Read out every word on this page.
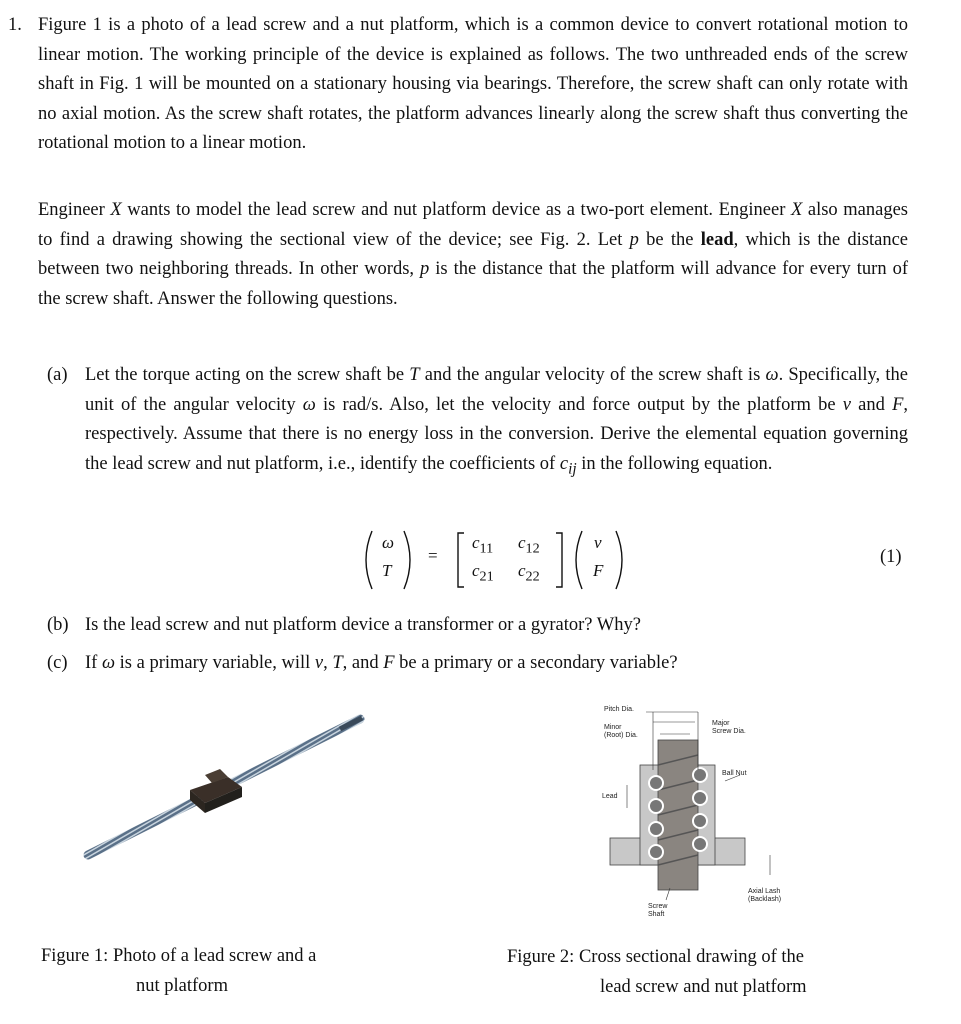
1. Figure 1 is a photo of a lead screw and a nut platform, which is a common device to convert rotational motion to linear motion. The working principle of the device is explained as follows. The two unthreaded ends of the screw shaft in Fig. 1 will be mounted on a stationary housing via bearings. Therefore, the screw shaft can only rotate with no axial motion. As the screw shaft rotates, the platform advances linearly along the screw shaft thus converting the rotational motion to a linear motion.
Engineer X wants to model the lead screw and nut platform device as a two-port element. Engineer X also manages to find a drawing showing the sectional view of the device; see Fig. 2. Let p be the lead, which is the distance between two neighboring threads. In other words, p is the distance that the platform will advance for every turn of the screw shaft. Answer the following questions.
(a) Let the torque acting on the screw shaft be T and the angular velocity of the screw shaft is ω. Specifically, the unit of the angular velocity ω is rad/s. Also, let the velocity and force output by the platform be v and F, respectively. Assume that there is no energy loss in the conversion. Derive the elemental equation governing the lead screw and nut platform, i.e., identify the coefficients of $c_{ij}$ in the following equation.
ω
T
=
$c_{11}$ $c_{12}$
$c_{21}$ $c_{22}$
v
F
(1)
(b) Is the lead screw and nut platform device a transformer or a gyrator? Why?
(c) If ω is a primary variable, will v, T, and F be a primary or a secondary variable?
Pitch Dia.
Minor
(Root) Dia.
Major
Screw Dia.
Ball Nut
Lead
Axial Lash
(Backlash)
Screw
Shaft
Figure 1: Photo of a lead screw and a
nut platform
Figure 2: Cross sectional drawing of the
lead screw and nut platform
